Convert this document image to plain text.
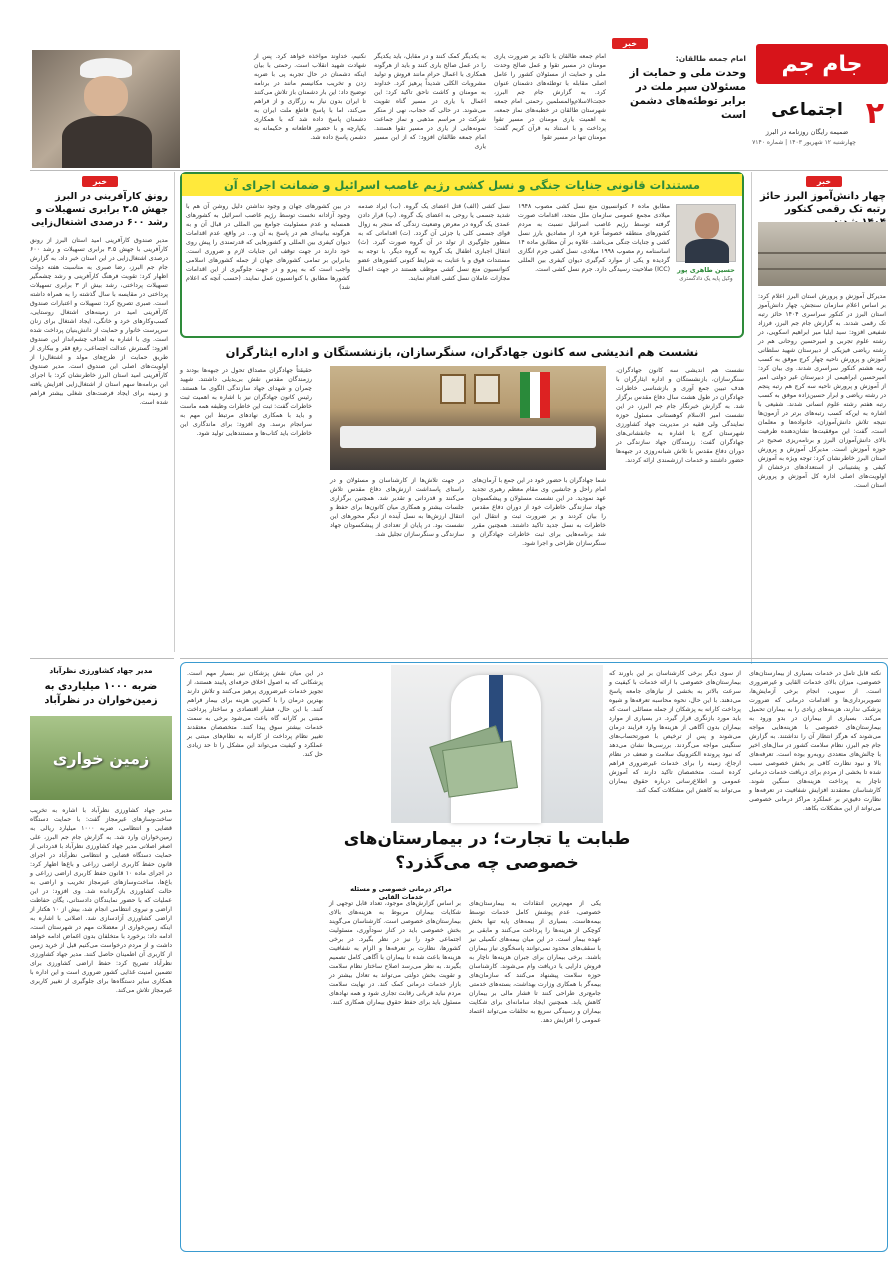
جام جم
۲
اجتماعی
ضمیمه رایگان روزنامه در البرز
چهارشنبه ۱۲ شهریور ۱۴۰۳ | شماره ۷۱۴۰
خبر
امام جمعه طالقان:
وحدت ملی و حمایت از مسئولان سپر ملت در برابر توطئه‌های دشمن است
امام جمعه طالقان با تاکید بر ضرورت یاری مومنان در مسیر تقوا و عمل صالح وحدت ملی و حمایت از مسئولان کشور را عامل اصلی مقابله با توطئه‌های دشمنان عنوان کرد. به گزارش جام جم البرز، حجت‌الاسلام‌والمسلمین رحمتی امام جمعه شهرستان طالقان در خطبه‌های نماز جمعه، به اهمیت یاری مومنان در مسیر تقوا پرداخت و با استناد به قرآن کریم گفت: مومنان تنها در مسیر تقوا
به یکدیگر کمک کنند و در مقابل، باید یکدیگر را در عمل صالح یاری کنند و باید از هرگونه همکاری با اعمال حرام مانند فروش و تولید مشروبات الکلی شدیداً پرهیز کرد. خداوند به مومنان و کاشت ناحق تاکید کرد: این اعمال با یاری در مسیر گناه تقویت می‌شوند. در حالی که حجاب، نهی از منکر شرکت در مراسم مذهبی و نماز جماعت نمونه‌هایی از یاری در مسیر تقوا هستند. امام جمعه طالقان افزود: که از این مسیر یاری
نکنیم، خداوند مواخذه خواهد کرد. پس از شهادت شهید انقلاب است. رحمتی با بیان اینکه دشمنان در حال تجربه پی با ضربه زدن و تخریب مکانیسم مانند در برنامه توضیح داد: این بار دشمنان باز تلاش می‌کنند تا ایران بدون نیاز به رزگاری و از فراهم می‌کند، اما با پاسخ قاطع ملت ایران به دشمنان پاسخ داده شد که با همکاری یکپارچه و با حضور قاطعانه و حکیمانه به دشمن پاسخ داده شد.
خبر
چهار دانش‌آموز البرز حائز رتبه تک رقمی کنکور
مدیرکل آموزش و پرورش استان البرز اعلام کرد: بر اساس اعلام سازمان سنجش، چهار دانش‌آموز استان البرز در کنکور سراسری ۱۴۰۴ حائز رتبه تک رقمی شدند. به گزارش جام جم البرز، فرزاد شفیعی افزود: سید ایلیا میر ابراهیم اسکویی، در رشته علوم تجربی و امیرحسین روحانی هم در رشته ریاضی فیزیکی از دبیرستان شهید سلطانی آموزش و پرورش ناحیه چهار کرج موفق به کسب رتبه هشتم کنکور سراسری شدند. وی بیان کرد: امیرحسین ابراهیمی از دبیرستان غیر دولتی امیر از آموزش و پرورش ناحیه سه کرج هم رتبه پنجم در رشته ریاضی و ابرار حسین‌زاده موفق به کسب رتبه هفتم رشته علوم انسانی شدند. شفیعی با اشاره به این‌که کسب رتبه‌های برتر در آزمون‌ها نتیجه تلاش دانش‌آموزان، خانواده‌ها و معلمان است، گفت: این موفقیت‌ها نشان‌دهنده ظرفیت بالای دانش‌آموزان البرز و برنامه‌ریزی صحیح در حوزه آموزش است. مدیرکل آموزش و پرورش استان البرز خاطرنشان کرد: توجه ویژه به آموزش کیفی و پشتیبانی از استعدادهای درخشان از اولویت‌های اصلی اداره کل آموزش و پرورش استان است.
مستندات قانونی جنایات جنگی و نسل کشی رژیم غاصب اسرائیل و ضمانت اجرای آن
حسین طاهری پور
وکیل پایه یک دادگستری
مطابق ماده ۶ کنوانسیون منع نسل کشی مصوب ۱۹۴۸ میلادی مجمع عمومی سازمان ملل متحد، اقدامات صورت گرفته توسط رژیم غاصب اسرائیل نسبت به مردم کشورهای منطقه خصوصاً غزه فرد از مصادیق بارز نسل کشی و جنایات جنگی می‌باشد. علاوه بر آن مطابق ماده ۱۴ اساسنامه رم مصوب ۱۹۹۸ میلادی، نسل کشی جرم انگاری گردیده و یکی از موارد کم‌گیری دیوان کیفری بین المللی (ICC) صلاحیت رسیدگی دارد. جرم نسل کشی است.
نسل کشی (الف) قتل اعضای یک گروه. (ب) ایراد صدمه شدید جسمی یا روحی به اعضای یک گروه. (پ) قرار دادن عمدی یک گروه در معرض وضعیت زندگی که منجر به زوال قوای جسمی کلی یا جزئی آن گردد. (ت) اقداماتی که به منظور جلوگیری از تولد در آن گروه صورت گیرد. (ث) انتقال اجباری اطفال یک گروه به گروه دیگر. با توجه به مستندات فوق و با عنایت به شرایط کنونی کشورهای عضو کنوانسیون منع نسل کشی موظف هستند در جهت اعمال مجازات عاملان نسل کشی اقدام نمایند.
در بین کشورهای جهان و وجود نداشتن دلیل روشن آن هم با وجود آزادانه نخست توسط رژیم غاصب اسرائیل به کشورهای همسایه و عدم مسئولیت جوامع بین المللی در قبال آن و به هرگونه بیانیه‌ای هم در پاسخ به آن و... در واقع، عدم اقدامات دیوان کیفری بین المللی و کشورهایی که قدرتمندی را پیش روی خود دارند در جهت توقف این جنایات لازم و ضروری است. بنابراین بر تمامی کشورهای جهان از جمله کشورهای اسلامی واجب است که به پیرو و در جهت جلوگیری از این اقدامات کشورها مطابق با کنوانسیون عمل نمایند. (حسب آنچه که اعلام شد)
خبر
رونق کارآفرینی در البرز جهش ۳.۵ برابری تسهیلات و رشد ۶۰۰ درصدی اشتغال‌زایی
مدیر صندوق کارآفرینی امید استان البرز از رونق کارآفرینی با جهش ۳.۵ برابری تسهیلات و رشد ۶۰۰ درصدی اشتغال‌زایی در این استان خبر داد. به گزارش جام جم البرز، رضا صبری به مناسبت هفته دولت اظهار کرد: تقویت فرهنگ کارآفرینی و رشد چشمگیر تسهیلات پرداختی، رشد بیش از ۳ برابری تسهیلات پرداختی در مقایسه با سال گذشته را به همراه داشته است. صبری تصریح کرد: تسهیلات و اعتبارات صندوق کارآفرینی امید در زمینه‌های اشتغال روستایی، کسب‌وکارهای خرد و خانگی، ایجاد اشتغال برای زنان سرپرست خانوار و حمایت از دانش‌بنیان پرداخت شده است. وی با اشاره به اهداف چشم‌انداز این صندوق افزود: گسترش عدالت اجتماعی، رفع فقر و بیکاری از طریق حمایت از طرح‌های مولد و اشتغال‌زا از اولویت‌های اصلی این صندوق است. مدیر صندوق کارآفرینی امید استان البرز خاطرنشان کرد: با اجرای این برنامه‌ها سهم استان از اشتغال‌زایی افزایش یافته و زمینه برای ایجاد فرصت‌های شغلی بیشتر فراهم شده است.
نشست هم اندیشی سه کانون جهادگران، سنگرسازان، بازنشستگان و اداره ایثارگران
نشست هم اندیشی سه کانون جهادگران، سنگرسازان، بازنشستگان و اداره ایثارگران با هدف تبیین جمع آوری و بازشناسی خاطرات جهادگران در طول هشت سال دفاع مقدس برگزار شد. به گزارش خبرنگار جام جم البرز، در این نشست امیر الاسلام کوهستانی مسئول حوزه نمایندگی ولی فقیه در مدیریت جهاد کشاورزی شهرستان کرج با اشاره به جانفشانی‌های جهادگران گفت: رزمندگان جهاد سازندگی در دوران دفاع مقدس با تلاش شبانه‌روزی در جبهه‌ها حضور داشتند و خدمات ارزشمندی ارائه کردند.
شما جهادگران با حضور خود در این جمع با آرمان‌های امام راحل و جانشین وی مقام معظم رهبری تجدید عهد نمودید. در این نشست مسئولان و پیشکسوتان جهاد سازندگی خاطرات خود از دوران دفاع مقدس را بیان کردند و بر ضرورت ثبت و انتقال این خاطرات به نسل جدید تاکید داشتند. همچنین مقرر شد برنامه‌هایی برای ثبت خاطرات جهادگران و سنگرسازان طراحی و اجرا شود.
در جهت تلاش‌ها از کارشناسان و مسئولان و در راستای پاسداشت ارزش‌های دفاع مقدس تلاش می‌کنند و قدردانی و تقدیر شد. همچنین برگزاری جلسات بیشتر و همکاری میان کانون‌ها برای حفظ و انتقال ارزش‌ها به نسل آینده از دیگر محورهای این نشست بود. در پایان از تعدادی از پیشکسوتان جهاد سازندگی و سنگرسازان تجلیل شد.
حقیقتاً جهادگران مصداق تحول در جبهه‌ها بودند و رزمندگان مقدس نقش بی‌بدیلی داشتند. شهید چمران و شهدای جهاد سازندگی الگوی ما هستند. رئیس کانون جهادگران نیز با اشاره به اهمیت ثبت خاطرات گفت: ثبت این خاطرات وظیفه همه ماست و باید با همکاری نهادهای مرتبط این مهم به سرانجام برسد. وی افزود: برای ماندگاری این خاطرات باید کتاب‌ها و مستندهایی تولید شود.
مدیر جهاد کشاورزی نظرآباد
ضربه ۱۰۰۰ میلیاردی به زمین‌خواران در نظرآباد
زمین خواری
مدیر جهاد کشاورزی نظرآباد با اشاره به تخریب ساخت‌وسازهای غیرمجاز گفت: با حمایت دستگاه قضایی و انتظامی، ضربه ۱۰۰۰ میلیارد ریالی به زمین‌خواران وارد شد. به گزارش جام جم البرز، علی اصغر اصلانی مدیر جهاد کشاورزی نظرآباد با قدردانی از حمایت دستگاه قضایی و انتظامی نظرآباد در اجرای قانون حفظ کاربری اراضی زراعی و باغ‌ها اظهار کرد: در اجرای ماده ۱۰ قانون حفظ کاربری اراضی زراعی و باغ‌ها، ساخت‌وسازهای غیرمجاز تخریب و اراضی به حالت کشاورزی بازگردانده شد. وی افزود: در این عملیات که با حضور نمایندگان دادستانی، یگان حفاظت اراضی و نیروی انتظامی انجام شد، بیش از ۱۰ هکتار از اراضی کشاورزی آزادسازی شد. اصلانی با اشاره به اینکه زمین‌خواری از معضلات مهم در شهرستان است، ادامه داد: برخورد با متخلفان بدون اغماض ادامه خواهد داشت و از مردم درخواست می‌کنیم قبل از خرید زمین از کاربری آن اطمینان حاصل کنند. مدیر جهاد کشاورزی نظرآباد تصریح کرد: حفظ اراضی کشاورزی برای تضمین امنیت غذایی کشور ضروری است و این اداره با همکاری سایر دستگاه‌ها برای جلوگیری از تغییر کاربری غیرمجاز تلاش می‌کند.
طبابت یا تجارت؛ در بیمارستان‌های خصوصی چه می‌گذرد؟
مراکز درمانی خصوصی و مسئله خدمات القایی
نکته قابل تامل در خدمات بسیاری از بیمارستان‌های خصوصی، میزان بالای خدمات القایی و غیرضروری است. از سویی، انجام برخی آزمایش‌ها، تصویربرداری‌ها و اقدامات درمانی که ضرورت پزشکی ندارند، هزینه‌های زیادی را به بیماران تحمیل می‌کند. بسیاری از بیماران در بدو ورود به بیمارستان‌های خصوصی با هزینه‌هایی مواجه می‌شوند که هرگز انتظار آن را نداشتند. به گزارش جام جم البرز، نظام سلامت کشور در سال‌های اخیر با چالش‌های متعددی روبه‌رو بوده است. تعرفه‌های بالا و نبود نظارت کافی بر بخش خصوصی سبب شده تا بخشی از مردم برای دریافت خدمات درمانی ناچار به پرداخت هزینه‌های سنگین شوند. کارشناسان معتقدند افزایش شفافیت در تعرفه‌ها و نظارت دقیق‌تر بر عملکرد مراکز درمانی خصوصی می‌تواند از این مشکلات بکاهد.
از سوی دیگر برخی کارشناسان بر این باورند که بیمارستان‌های خصوصی با ارائه خدمات با کیفیت و سرعت بالاتر به بخشی از نیازهای جامعه پاسخ می‌دهند. با این حال، نحوه محاسبه تعرفه‌ها و شیوه پرداخت کارانه به پزشکان از جمله مسائلی است که باید مورد بازنگری قرار گیرد. در بسیاری از موارد بیماران بدون آگاهی از هزینه‌ها وارد فرایند درمان می‌شوند و پس از ترخیص با صورتحساب‌های سنگینی مواجه می‌گردند. بررسی‌ها نشان می‌دهد که نبود پرونده الکترونیک سلامت و ضعف در نظام ارجاع، زمینه را برای خدمات غیرضروری فراهم کرده است. متخصصان تاکید دارند که آموزش عمومی و اطلاع‌رسانی درباره حقوق بیماران می‌تواند به کاهش این مشکلات کمک کند.
یکی از مهم‌ترین انتقادات به بیمارستان‌های خصوصی، عدم پوشش کامل خدمات توسط بیمه‌هاست. بسیاری از بیمه‌های پایه تنها بخش کوچکی از هزینه‌ها را پرداخت می‌کنند و مابقی بر عهده بیمار است. در این میان بیمه‌های تکمیلی نیز با سقف‌های محدود نمی‌توانند پاسخگوی نیاز بیماران باشند. برخی بیماران برای جبران هزینه‌ها ناچار به فروش دارایی یا دریافت وام می‌شوند. کارشناسان حوزه سلامت پیشنهاد می‌کنند که سازمان‌های بیمه‌گر با همکاری وزارت بهداشت، بسته‌های خدمتی جامع‌تری طراحی کنند تا فشار مالی بر بیماران کاهش یابد. همچنین ایجاد سامانه‌ای برای شکایت بیماران و رسیدگی سریع به تخلفات می‌تواند اعتماد عمومی را افزایش دهد.
بر اساس گزارش‌های موجود، تعداد قابل توجهی از شکایات بیماران مربوط به هزینه‌های بالای بیمارستان‌های خصوصی است. کارشناسان می‌گویند بخش خصوصی باید در کنار سودآوری، مسئولیت اجتماعی خود را نیز در نظر بگیرد. در برخی کشورها، نظارت بر تعرفه‌ها و الزام به شفافیت هزینه‌ها باعث شده تا بیماران با آگاهی کامل تصمیم بگیرند. به نظر می‌رسد اصلاح ساختار نظام سلامت و تقویت بخش دولتی می‌تواند به تعادل بیشتر در بازار خدمات درمانی کمک کند. در نهایت سلامت مردم نباید قربانی رقابت تجاری شود و همه نهادهای مسئول باید برای حفظ حقوق بیماران همکاری کنند.
در این میان نقش پزشکان نیز بسیار مهم است. پزشکانی که به اصول اخلاق حرفه‌ای پایبند هستند، از تجویز خدمات غیرضروری پرهیز می‌کنند و تلاش دارند بهترین درمان را با کمترین هزینه برای بیمار فراهم کنند. با این حال، فشار اقتصادی و ساختار پرداخت مبتنی بر کارانه گاه باعث می‌شود برخی به سمت خدمات بیشتر سوق پیدا کنند. متخصصان معتقدند تغییر نظام پرداخت از کارانه به نظام‌های مبتنی بر عملکرد و کیفیت می‌تواند این مشکل را تا حد زیادی حل کند.
